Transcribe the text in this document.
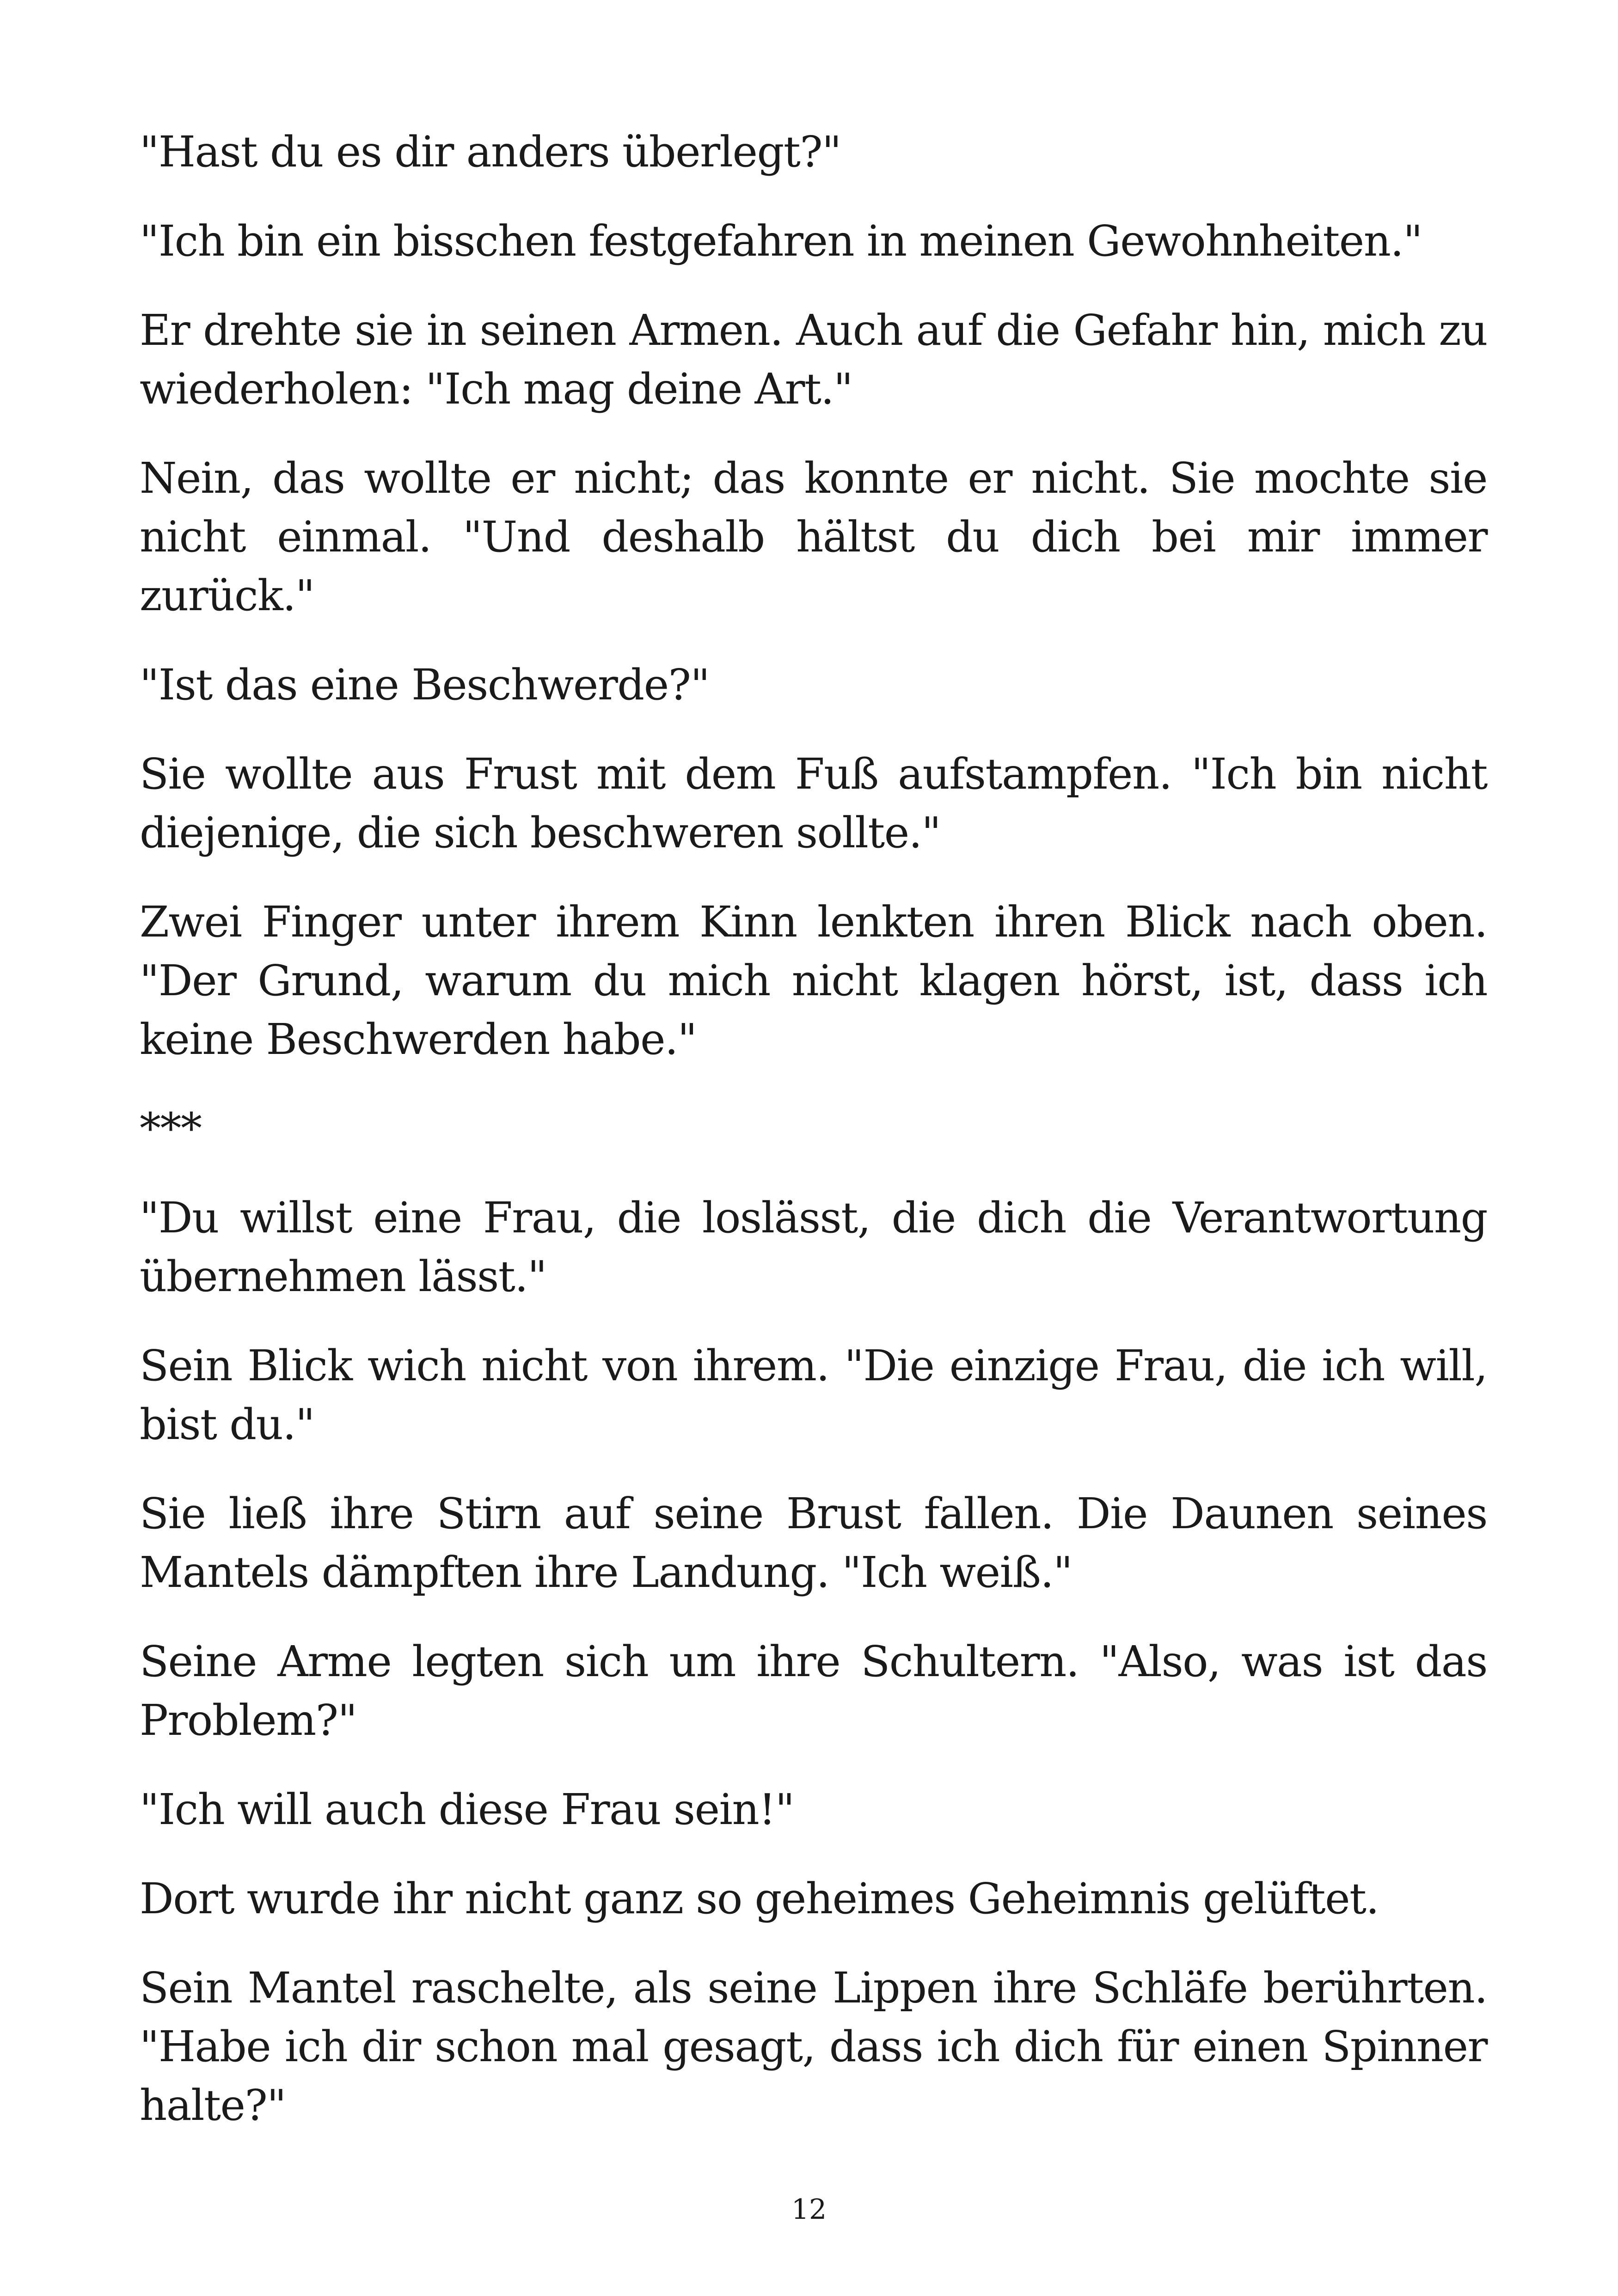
"Hast du es dir anders überlegt?"

"Ich bin ein bisschen festgefahren in meinen Gewohnheiten."

Er drehte sie in seinen Armen. Auch auf die Gefahr hin, mich zu wiederholen: "Ich mag deine Art."

Nein, das wollte er nicht; das konnte er nicht. Sie mochte sie nicht einmal. "Und deshalb hältst du dich bei mir immer zurück."

"Ist das eine Beschwerde?"

Sie wollte aus Frust mit dem Fuß aufstampfen. "Ich bin nicht diejenige, die sich beschweren sollte."

Zwei Finger unter ihrem Kinn lenkten ihren Blick nach oben. "Der Grund, warum du mich nicht klagen hörst, ist, dass ich keine Beschwerden habe."

***

"Du willst eine Frau, die loslässt, die dich die Verantwortung übernehmen lässt."

Sein Blick wich nicht von ihrem. "Die einzige Frau, die ich will, bist du."

Sie ließ ihre Stirn auf seine Brust fallen. Die Daunen seines Mantels dämpften ihre Landung. "Ich weiß."

Seine Arme legten sich um ihre Schultern. "Also, was ist das Problem?"

"Ich will auch diese Frau sein!"

Dort wurde ihr nicht ganz so geheimes Geheimnis gelüftet.

Sein Mantel raschelte, als seine Lippen ihre Schläfe berührten. "Habe ich dir schon mal gesagt, dass ich dich für einen Spinner halte?"

12
